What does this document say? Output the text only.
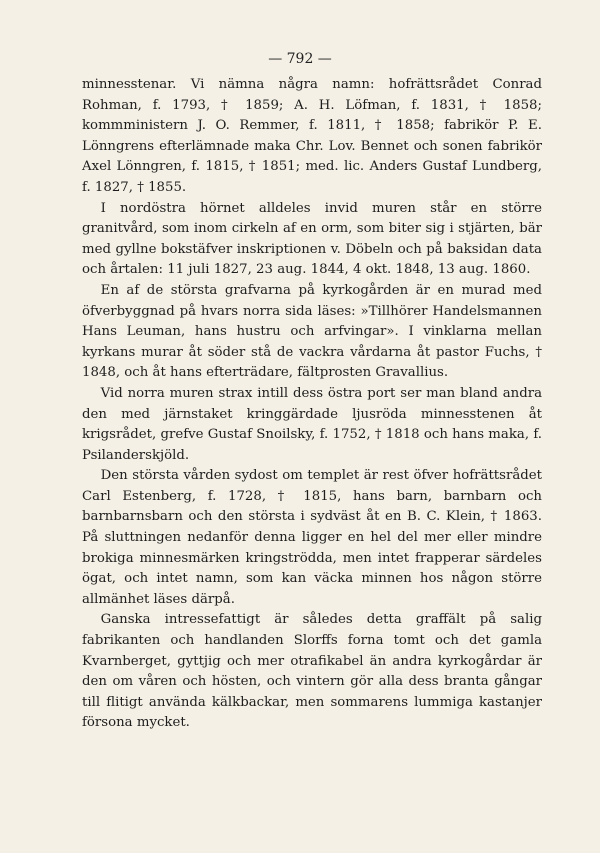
— 792 —

minnesstenar. Vi nämna några namn: hofrättsrådet Conrad Rohman, f. 1793, † 1859; A. H. Löfman, f. 1831, † 1858; kommministern J. O. Remmer, f. 1811, † 1858; fabrikör P. E. Lönngrens efterlämnade maka Chr. Lov. Bennet och sonen fabrikör Axel Lönngren, f. 1815, † 1851; med. lic. Anders Gustaf Lundberg, f. 1827, † 1855.

I nordöstra hörnet alldeles invid muren står en större granitvård, som inom cirkeln af en orm, som biter sig i stjärten, bär med gyllne bokstäfver inskriptionen v. Döbeln och på baksidan data och årtalen: 11 juli 1827, 23 aug. 1844, 4 okt. 1848, 13 aug. 1860.

En af de största grafvarna på kyrkogården är en murad med öfverbyggnad på hvars norra sida läses: »Tillhörer Handelsmannen Hans Leuman, hans hustru och arfvingar». I vinklarna mellan kyrkans murar åt söder stå de vackra vårdarna åt pastor Fuchs, † 1848, och åt hans efterträdare, fältprosten Gravallius.

Vid norra muren strax intill dess östra port ser man bland andra den med järnstaket kringgärdade ljusröda minnesstenen åt krigsrådet, grefve Gustaf Snoilsky, f. 1752, † 1818 och hans maka, f. Psilanderskjöld.

Den största vården sydost om templet är rest öfver hofrättsrådet Carl Estenberg, f. 1728, † 1815, hans barn, barnbarn och barnbarnsbarn och den största i sydväst åt en B. C. Klein, † 1863. På sluttningen nedanför denna ligger en hel del mer eller mindre brokiga minnesmärken kringströdda, men intet frapperar särdeles ögat, och intet namn, som kan väcka minnen hos någon större allmänhet läses därpå.

Ganska intressefattigt är således detta graffält på salig fabrikanten och handlanden Slorffs forna tomt och det gamla Kvarnberget, gyttjig och mer otrafikabel än andra kyrkogårdar är den om våren och hösten, och vintern gör alla dess branta gångar till flitigt använda kälkbackar, men sommarens lummiga kastanjer försona mycket.
